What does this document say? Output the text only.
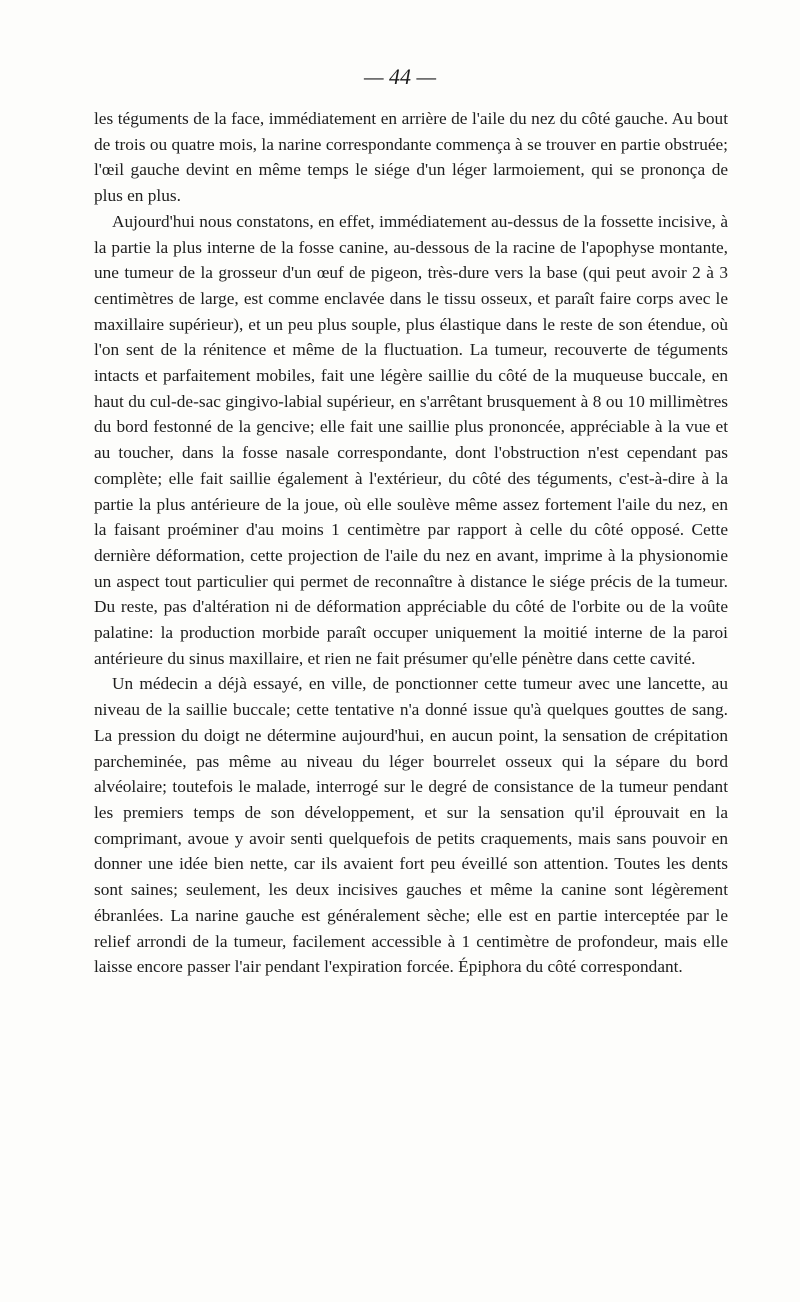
— 44 —

les téguments de la face, immédiatement en arrière de l'aile du nez du côté gauche. Au bout de trois ou quatre mois, la narine correspondante commença à se trouver en partie obstruée; l'œil gauche devint en même temps le siége d'un léger larmoiement, qui se prononça de plus en plus.

Aujourd'hui nous constatons, en effet, immédiatement au-dessus de la fossette incisive, à la partie la plus interne de la fosse canine, au-dessous de la racine de l'apophyse montante, une tumeur de la grosseur d'un œuf de pigeon, très-dure vers la base (qui peut avoir 2 à 3 centimètres de large, est comme enclavée dans le tissu osseux, et paraît faire corps avec le maxillaire supérieur), et un peu plus souple, plus élastique dans le reste de son étendue, où l'on sent de la rénitence et même de la fluctuation. La tumeur, recouverte de téguments intacts et parfaitement mobiles, fait une légère saillie du côté de la muqueuse buccale, en haut du cul-de-sac gingivo-labial supérieur, en s'arrêtant brusquement à 8 ou 10 millimètres du bord festonné de la gencive; elle fait une saillie plus prononcée, appréciable à la vue et au toucher, dans la fosse nasale correspondante, dont l'obstruction n'est cependant pas complète; elle fait saillie également à l'extérieur, du côté des téguments, c'est-à-dire à la partie la plus antérieure de la joue, où elle soulève même assez fortement l'aile du nez, en la faisant proéminer d'au moins 1 centimètre par rapport à celle du côté opposé. Cette dernière déformation, cette projection de l'aile du nez en avant, imprime à la physionomie un aspect tout particulier qui permet de reconnaître à distance le siége précis de la tumeur. Du reste, pas d'altération ni de déformation appréciable du côté de l'orbite ou de la voûte palatine: la production morbide paraît occuper uniquement la moitié interne de la paroi antérieure du sinus maxillaire, et rien ne fait présumer qu'elle pénètre dans cette cavité.

Un médecin a déjà essayé, en ville, de ponctionner cette tumeur avec une lancette, au niveau de la saillie buccale; cette tentative n'a donné issue qu'à quelques gouttes de sang. La pression du doigt ne détermine aujourd'hui, en aucun point, la sensation de crépitation parcheminée, pas même au niveau du léger bourrelet osseux qui la sépare du bord alvéolaire; toutefois le malade, interrogé sur le degré de consistance de la tumeur pendant les premiers temps de son développement, et sur la sensation qu'il éprouvait en la comprimant, avoue y avoir senti quelquefois de petits craquements, mais sans pouvoir en donner une idée bien nette, car ils avaient fort peu éveillé son attention. Toutes les dents sont saines; seulement, les deux incisives gauches et même la canine sont légèrement ébranlées. La narine gauche est généralement sèche; elle est en partie interceptée par le relief arrondi de la tumeur, facilement accessible à 1 centimètre de profondeur, mais elle laisse encore passer l'air pendant l'expiration forcée. Épiphora du côté correspondant.
